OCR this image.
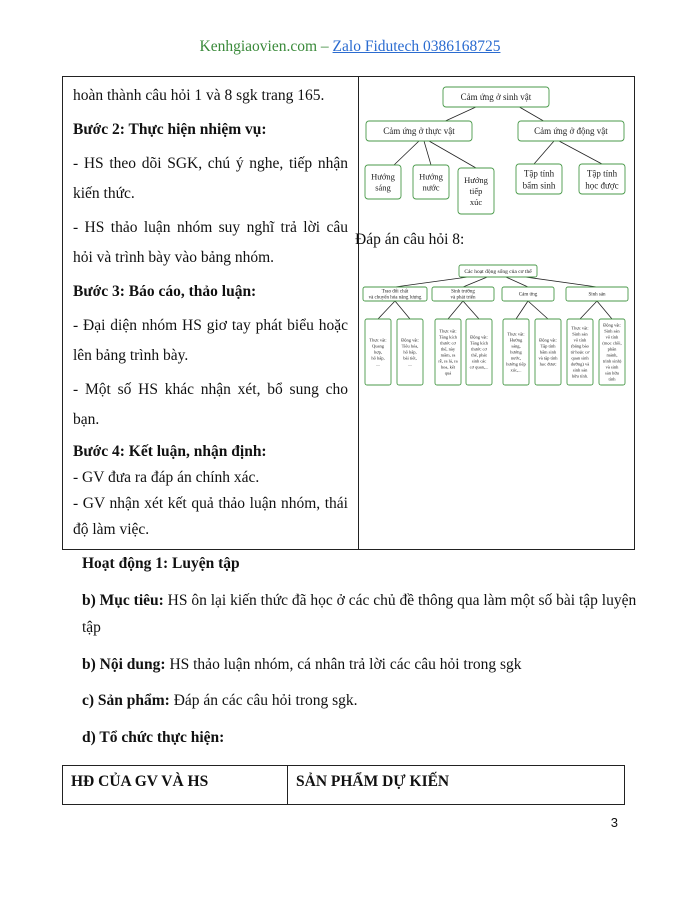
Kenhgiaovien.com – Zalo Fidutech 0386168725

hoàn thành câu hỏi 1 và 8 sgk trang 165.

Bước 2: Thực hiện nhiệm vụ:

- HS theo dõi SGK, chú ý nghe, tiếp nhận kiến thức.

- HS thảo luận nhóm suy nghĩ trả lời câu hỏi và trình bày vào bảng nhóm.

Bước 3: Báo cáo, thảo luận:

- Đại diện nhóm HS giơ tay phát biểu hoặc lên bảng trình bày.

- Một số HS khác nhận xét, bổ sung cho bạn.

Bước 4: Kết luận, nhận định:

- GV đưa ra đáp án chính xác.

- GV nhận xét kết quả thảo luận nhóm, thái độ làm việc.

Cảm ứng ở sinh vật
Cảm ứng ở thực vật	Cảm ứng ở động vật
Hướng
sáng
Hướng
nước
Hướng
tiếp
xúc
Tập tính
bẩm sinh
Tập tính
học được
Các hoạt động sống của cơ thể
Trao đổi chất
và chuyển hóa năng lượng
Sinh trưởng
và phát triển
Cảm ứng	Sinh sản
Thực vật:
Quang
hợp,
hô hấp,
....
Động vật:
Tiêu hóa,
hô hấp,
bài tiết,
....
Thực vật:
Tăng kích
thước cơ
thể, này
mầm, ra
rễ, ra lá, ra
hoa, kết
quả
Động vật:
Tăng kích
thước cơ
thể, phát
sinh các
cơ quan,...
Thực vật:
Hướng
sáng,
hướng
nước,
hướng tiếp
xúc,...
Động vật:
Tập tính
bẩm sinh
và tập tính
học được
Thực vật:
Sinh sản
vô tính
(bằng bào
tử hoặc cơ
quan sinh
dưỡng) và
sinh sản
hữu tính.
Động vật:
Sinh sản
vô tính
(mọc chồi,
phân
mảnh,
trinh sinh)
và sinh
sản hữu
tính
Đáp án câu hỏi 8:
Hoạt động 1: Luyện tập
b) Mục tiêu: HS ôn lại kiến thức đã học ở các chủ đề thông qua làm một số bài tập luyện
tập
b) Nội dung: HS thảo luận nhóm, cá nhân trả lời các câu hỏi trong sgk
c) Sản phẩm: Đáp án các câu hỏi trong sgk.
d) Tổ chức thực hiện:
HĐ CỦA GV VÀ HS	SẢN PHẨM DỰ KIẾN
3
